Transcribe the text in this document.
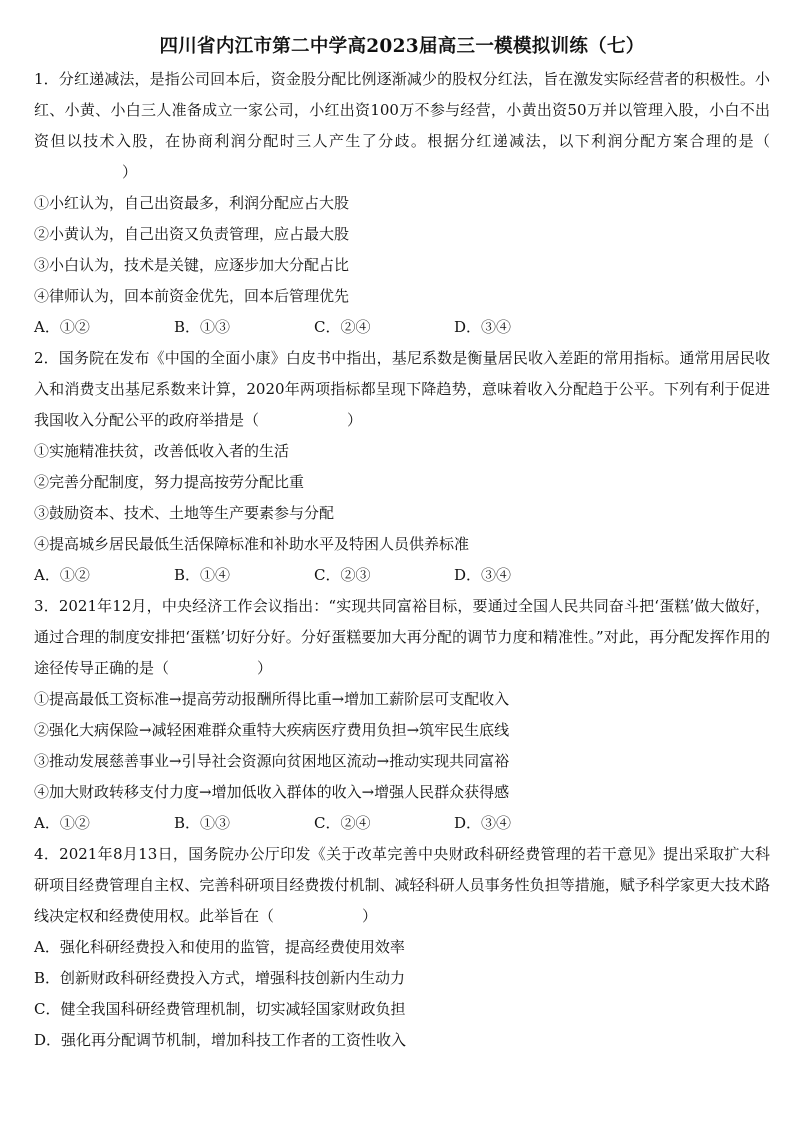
四川省内江市第二中学高2023届高三一模模拟训练（七）

1．分红递减法，是指公司回本后，资金股分配比例逐渐减少的股权分红法，旨在激发实际经营者的积极性。小红、小黄、小白三人准备成立一家公司，小红出资100万不参与经营，小黄出资50万并以管理入股，小白不出资但以技术入股，在协商利润分配时三人产生了分歧。根据分红递减法，以下利润分配方案合理的是（）

①小红认为，自己出资最多，利润分配应占大股

②小黄认为，自己出资又负责管理，应占最大股

③小白认为，技术是关键，应逐步加大分配占比

④律师认为，回本前资金优先，回本后管理优先

A．①②	B．①③	C．②④	D．③④

2．国务院在发布《中国的全面小康》白皮书中指出，基尼系数是衡量居民收入差距的常用指标。通常用居民收入和消费支出基尼系数来计算，2020年两项指标都呈现下降趋势，意味着收入分配趋于公平。下列有利于促进我国收入分配公平的政府举措是（	）

①实施精准扶贫，改善低收入者的生活

②完善分配制度，努力提高按劳分配比重

③鼓励资本、技术、土地等生产要素参与分配

④提高城乡居民最低生活保障标准和补助水平及特困人员供养标准

A．①②	B．①④	C．②③	D．③④

3．2021年12月，中央经济工作会议指出：“实现共同富裕目标，要通过全国人民共同奋斗把‘蛋糕’做大做好，通过合理的制度安排把‘蛋糕’切好分好。分好蛋糕要加大再分配的调节力度和精准性。”对此，再分配发挥作用的途径传导正确的是（	）

①提高最低工资标准→提高劳动报酬所得比重→增加工薪阶层可支配收入

②强化大病保险→减轻困难群众重特大疾病医疗费用负担→筑牢民生底线

③推动发展慈善事业→引导社会资源向贫困地区流动→推动实现共同富裕

④加大财政转移支付力度→增加低收入群体的收入→增强人民群众获得感

A．①②	B．①③	C．②④	D．③④

4．2021年8月13日，国务院办公厅印发《关于改革完善中央财政科研经费管理的若干意见》提出采取扩大科研项目经费管理自主权、完善科研项目经费拨付机制、减轻科研人员事务性负担等措施，赋予科学家更大技术路线决定权和经费使用权。此举旨在（	）

A．强化科研经费投入和使用的监管，提高经费使用效率

B．创新财政科研经费投入方式，增强科技创新内生动力

C．健全我国科研经费管理机制，切实减轻国家财政负担

D．强化再分配调节机制，增加科技工作者的工资性收入
